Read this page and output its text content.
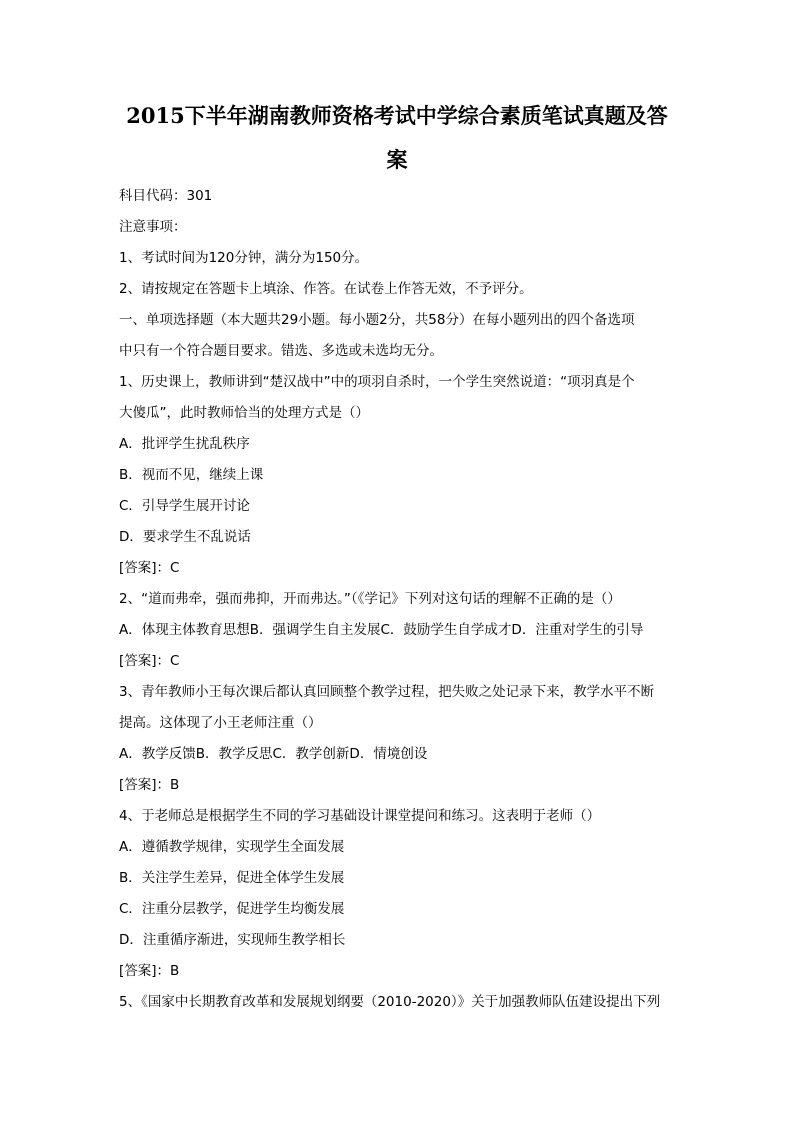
2015下半年湖南教师资格考试中学综合素质笔试真题及答
案
科目代码：301
注意事项：
1、考试时间为120分钟，满分为150分。
2、请按规定在答题卡上填涂、作答。在试卷上作答无效，不予评分。
一、单项选择题（本大题共29小题。每小题2分，共58分）在每小题列出的四个备选项
中只有一个符合题目要求。错选、多选或未选均无分。
1、历史课上，教师讲到“楚汉战中”中的项羽自杀时，一个学生突然说道：“项羽真是个
大傻瓜”，此时教师恰当的处理方式是（）
A．批评学生扰乱秩序
B．视而不见，继续上课
C．引导学生展开讨论
D．要求学生不乱说话
[答案]：C
2、“道而弗牵，强而弗抑，开而弗达。”（《学记》下列对这句话的理解不正确的是（）
A．体现主体教育思想B．强调学生自主发展C．鼓励学生自学成才D．注重对学生的引导
[答案]：C
3、青年教师小王每次课后都认真回顾整个教学过程，把失败之处记录下来，教学水平不断
提高。这体现了小王老师注重（）
A．教学反馈B．教学反思C．教学创新D．情境创设
[答案]：B
4、于老师总是根据学生不同的学习基础设计课堂提问和练习。这表明于老师（）
A．遵循教学规律，实现学生全面发展
B．关注学生差异，促进全体学生发展
C．注重分层教学，促进学生均衡发展
D．注重循序渐进，实现师生教学相长
[答案]：B
5、《国家中长期教育改革和发展规划纲要（2010-2020）》关于加强教师队伍建设提出下列
